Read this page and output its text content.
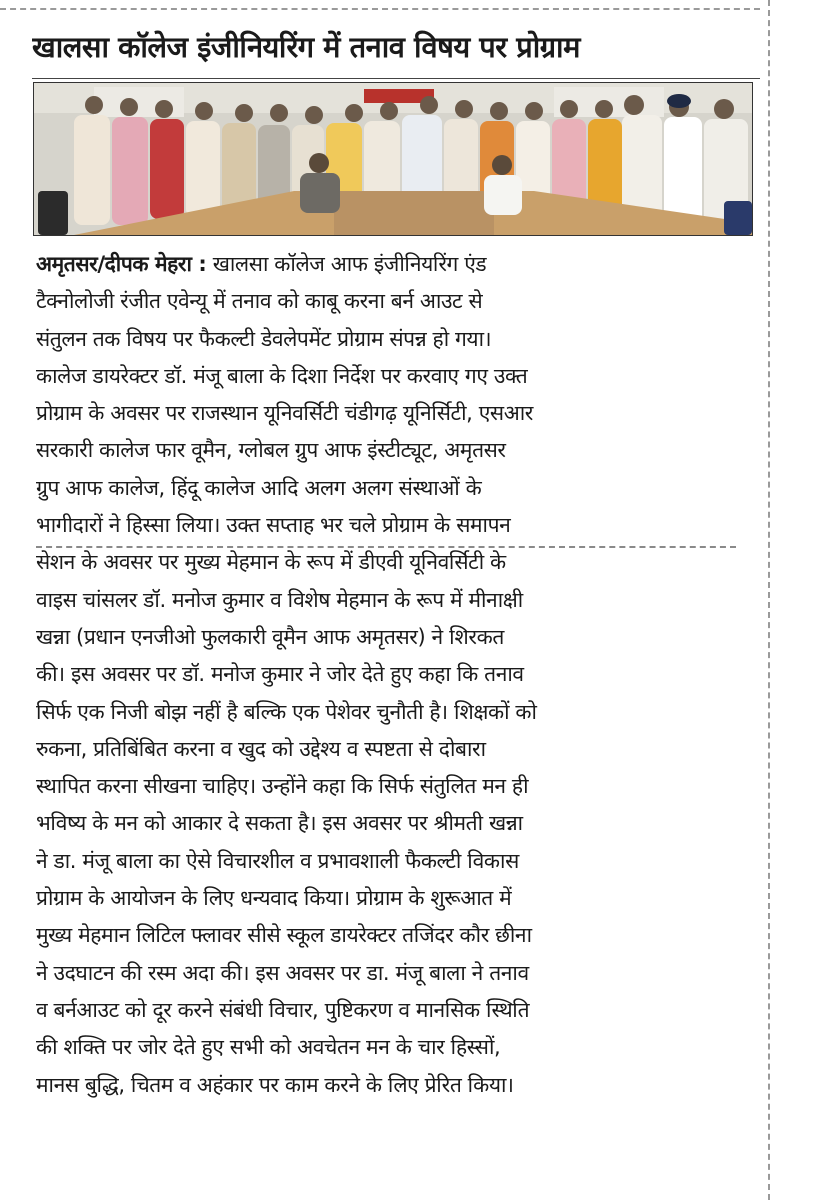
खालसा कॉलेज इंजीनियरिंग में तनाव विषय पर प्रोग्राम
अमृतसर/दीपक मेहरा : खालसा कॉलेज आफ इंजीनियरिंग एंड
टैक्नोलोजी रंजीत एवेन्यू में तनाव को काबू करना बर्न आउट से
संतुलन तक विषय पर फैकल्टी डेवलेपमेंट प्रोग्राम संपन्न हो गया।
कालेज डायरेक्टर डॉ. मंजू बाला के दिशा निर्देश पर करवाए गए उक्त
प्रोग्राम के अवसर पर राजस्थान यूनिवर्सिटी चंडीगढ़ यूनिर्सिटी, एसआर
सरकारी कालेज फार वूमैन, ग्लोबल ग्रुप आफ इंस्टीट्यूट, अमृतसर
ग्रुप आफ कालेज, हिंदू कालेज आदि अलग अलग संस्थाओं के
भागीदारों ने हिस्सा लिया। उक्त सप्ताह भर चले प्रोग्राम के समापन
सेशन के अवसर पर मुख्य मेहमान के रूप में डीएवी यूनिवर्सिटी के
वाइस चांसलर डॉ. मनोज कुमार व विशेष मेहमान के रूप में मीनाक्षी
खन्ना (प्रधान एनजीओ फुलकारी वूमैन आफ अमृतसर) ने शिरकत
की। इस अवसर पर डॉ. मनोज कुमार ने जोर देते हुए कहा कि तनाव
सिर्फ एक निजी बोझ नहीं है बल्कि एक पेशेवर चुनौती है। शिक्षकों को
रुकना, प्रतिबिंबित करना व खुद को उद्देश्य व स्पष्टता से दोबारा
स्थापित करना सीखना चाहिए। उन्होंने कहा कि सिर्फ संतुलित मन ही
भविष्य के मन को आकार दे सकता है। इस अवसर पर श्रीमती खन्ना
ने डा. मंजू बाला का ऐसे विचारशील व प्रभावशाली फैकल्टी विकास
प्रोग्राम के आयोजन के लिए धन्यवाद किया। प्रोग्राम के शुरूआत में
मुख्य मेहमान लिटिल फ्लावर सीसे स्कूल डायरेक्टर तजिंदर कौर छीना
ने उदघाटन की रस्म अदा की। इस अवसर पर डा. मंजू बाला ने तनाव
व बर्नआउट को दूर करने संबंधी विचार, पुष्टिकरण व मानसिक स्थिति
की शक्ति पर जोर देते हुए सभी को अवचेतन मन के चार हिस्सों,
मानस बुद्धि, चितम व अहंकार पर काम करने के लिए प्रेरित किया।
